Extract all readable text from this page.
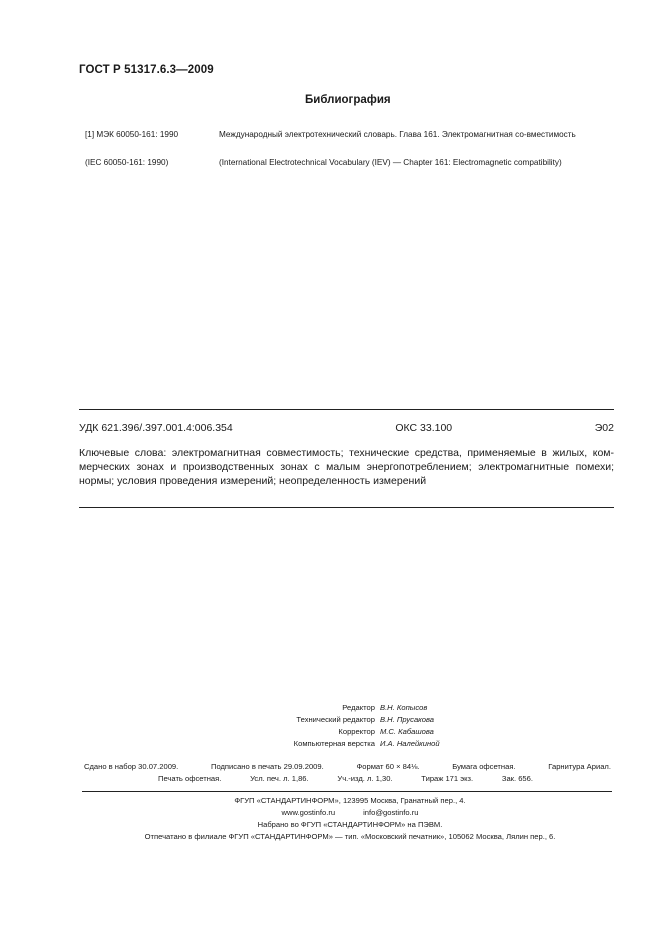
ГОСТ Р 51317.6.3—2009
Библиография
[1] МЭК 60050-161: 1990	Международный электротехнический словарь. Глава 161. Электромагнитная со-вместимость
(IEC 60050-161: 1990)	(International Electrotechnical Vocabulary (IEV) — Chapter 161: Electromagnetic compatibility)
УДК 621.396/.397.001.4:006.354	ОКС 33.100	Э02
Ключевые слова: электромагнитная совместимость; технические средства, применяемые в жилых, ком-мерческих зонах и производственных зонах с малым энергопотреблением; электромагнитные помехи; нормы; условия проведения измерений; неопределенность измерений
Редактор В.Н. Копысов
Технический редактор В.Н. Прусакова
Корректор М.С. Кабашова
Компьютерная верстка И.А. Налейкиной
Сдано в набор 30.07.2009.	Подписано в печать 29.09.2009.	Формат 60 × 84⅛.	Бумага офсетная.	Гарнитура Ариал.
Печать офсетная.	Усл. печ. л. 1,86.	Уч.-изд. л. 1,30.	Тираж 171 экз.	Зак. 656.
ФГУП «СТАНДАРТИНФОРМ», 123995 Москва, Гранатный пер., 4.
www.gostinfo.ru	info@gostinfo.ru
Набрано во ФГУП «СТАНДАРТИНФОРМ» на ПЭВМ.
Отпечатано в филиале ФГУП «СТАНДАРТИНФОРМ» — тип. «Московский печатник», 105062 Москва, Лялин пер., 6.
